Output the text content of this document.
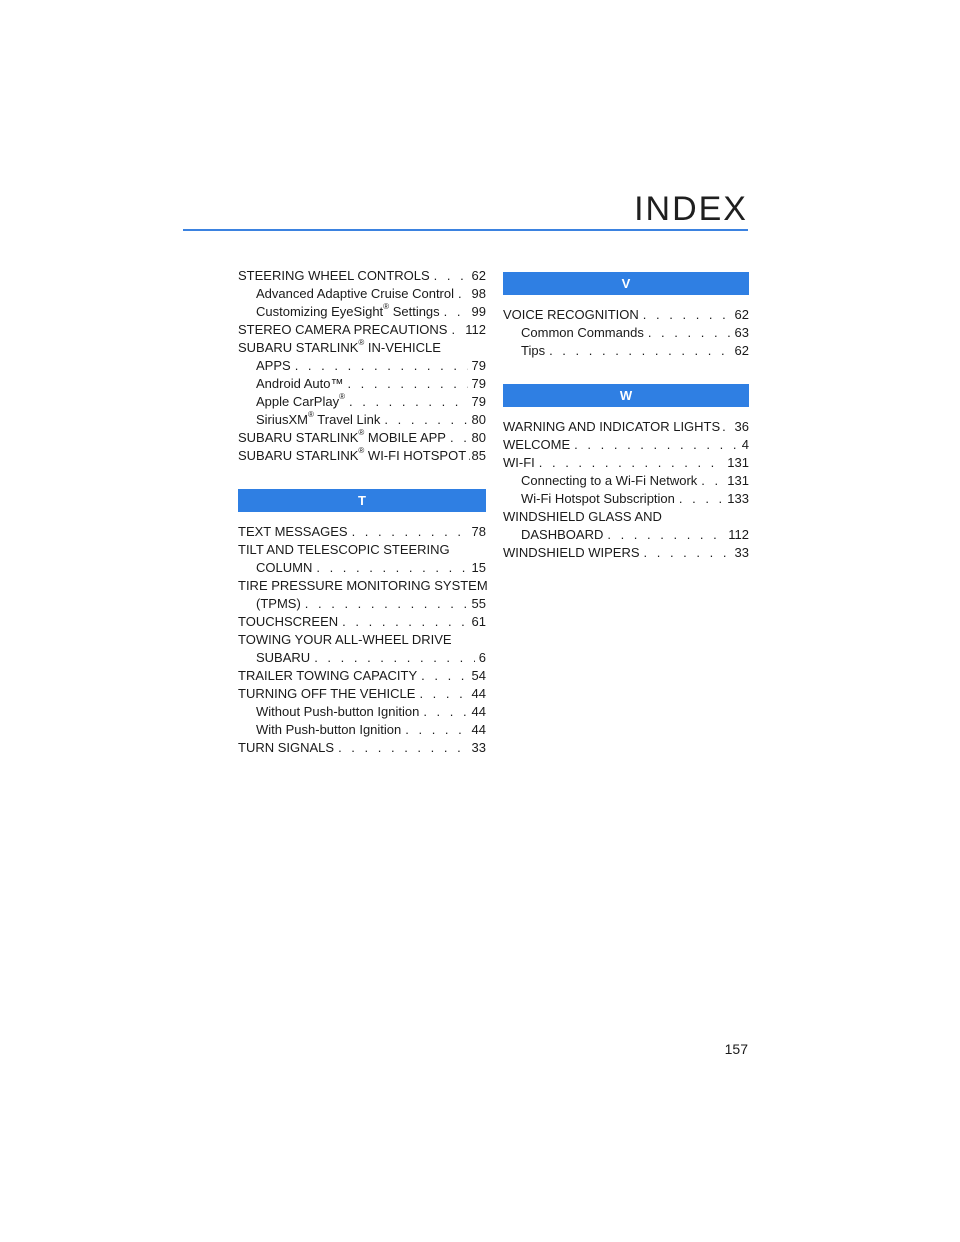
INDEX
STEERING WHEEL CONTROLS . . .	62
Advanced Adaptive Cruise Control . . . 98
Customizing EyeSight® Settings . . . 99
STEREO CAMERA PRECAUTIONS . . . 112
SUBARU STARLINK® IN-VEHICLE
APPS . . .	79
Android Auto™ . . .	79
Apple CarPlay® . . .	79
SiriusXM® Travel Link . . .	80
SUBARU STARLINK® MOBILE APP . . . 80
SUBARU STARLINK® WI-FI HOTSPOT . . . 85
T
TEXT MESSAGES . . .	78
TILT AND TELESCOPIC STEERING
COLUMN . . .	15
TIRE PRESSURE MONITORING SYSTEM
(TPMS) . . .	55
TOUCHSCREEN . . .	61
TOWING YOUR ALL-WHEEL DRIVE
SUBARU . . .	6
TRAILER TOWING CAPACITY . . .	54
TURNING OFF THE VEHICLE . . .	44
Without Push-button Ignition . . .	44
With Push-button Ignition . . .	44
TURN SIGNALS . . .	33
V
VOICE RECOGNITION . . .	62
Common Commands . . .	63
Tips . . .	62
W
WARNING AND INDICATOR LIGHTS . . . 36
WELCOME . . .	4
WI-FI . . .	131
Connecting to a Wi-Fi Network . . . 131
Wi-Fi Hotspot Subscription . . .	133
WINDSHIELD GLASS AND
DASHBOARD . . .	112
WINDSHIELD WIPERS . . .	33
157
